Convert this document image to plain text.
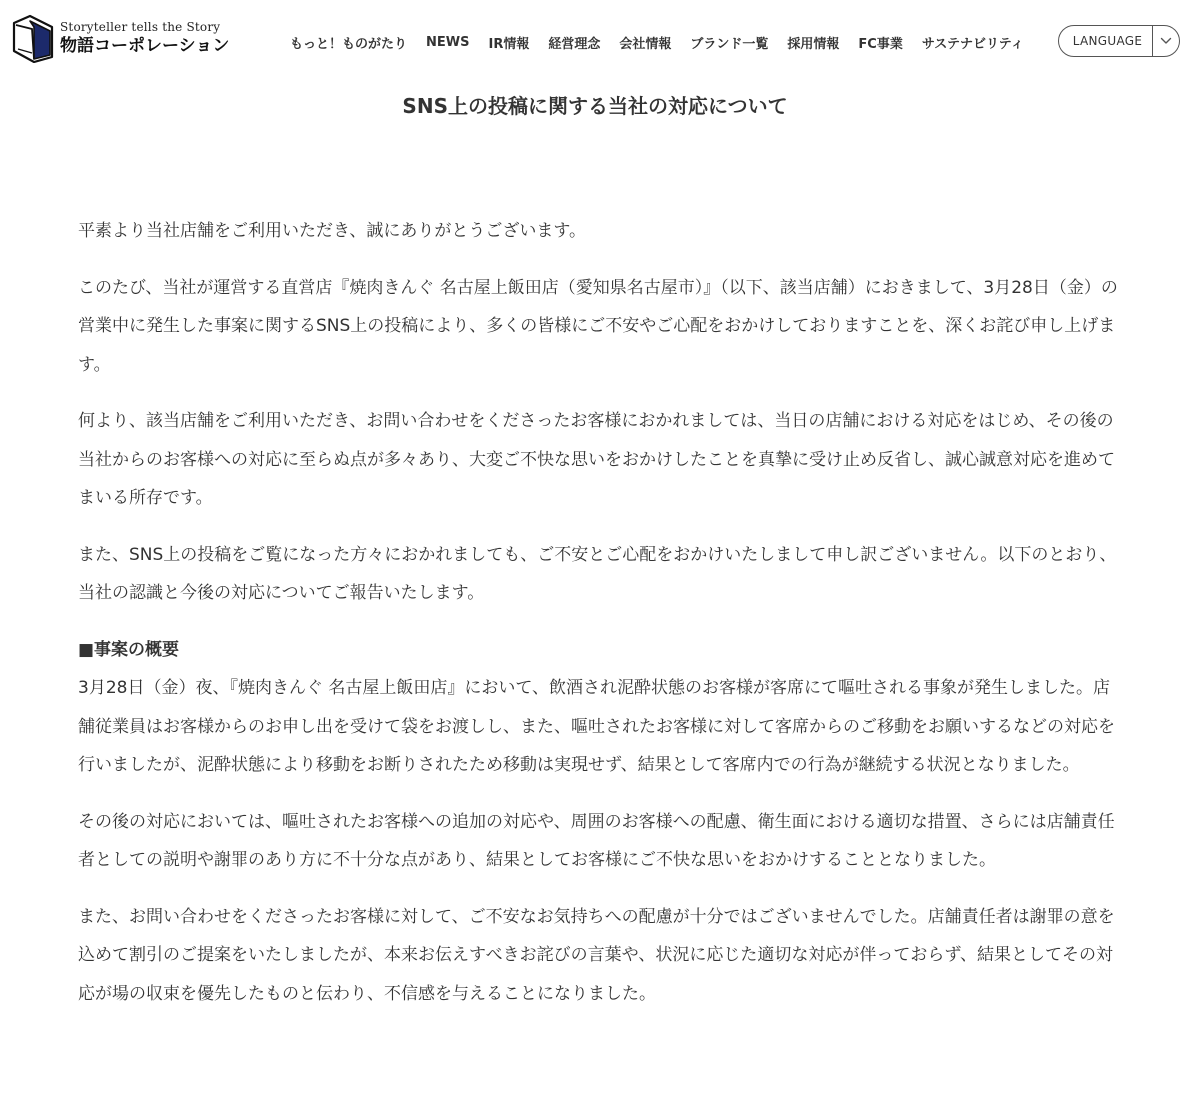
Storyteller tells the Story
物語コーポレーション	もっと！ものがたり NEWS IR情報 経営理念 会社情報 ブランド一覧 採用情報 FC事業 サステナビリティ	LANGUAGE
SNS上の投稿に関する当社の対応について

平素より当社店舗をご利用いただき、誠にありがとうございます。

このたび、当社が運営する直営店『焼肉きんぐ 名古屋上飯田店（愛知県名古屋市）』（以下、該当店舗）におきまして、3月28日（金）の営業中に発生した事案に関するSNS上の投稿により、多くの皆様にご不安やご心配をおかけしておりますことを、深くお詫び申し上げます。

何より、該当店舗をご利用いただき、お問い合わせをくださったお客様におかれましては、当日の店舗における対応をはじめ、その後の当社からのお客様への対応に至らぬ点が多々あり、大変ご不快な思いをおかけしたことを真摯に受け止め反省し、誠心誠意対応を進めてまいる所存です。

また、SNS上の投稿をご覧になった方々におかれましても、ご不安とご心配をおかけいたしまして申し訳ございません。以下のとおり、当社の認識と今後の対応についてご報告いたします。

■事案の概要

3月28日（金）夜、『焼肉きんぐ 名古屋上飯田店』において、飲酒され泥酔状態のお客様が客席にて嘔吐される事象が発生しました。店舗従業員はお客様からのお申し出を受けて袋をお渡しし、また、嘔吐されたお客様に対して客席からのご移動をお願いするなどの対応を行いましたが、泥酔状態により移動をお断りされたため移動は実現せず、結果として客席内での行為が継続する状況となりました。

その後の対応においては、嘔吐されたお客様への追加の対応や、周囲のお客様への配慮、衛生面における適切な措置、さらには店舗責任者としての説明や謝罪のあり方に不十分な点があり、結果としてお客様にご不快な思いをおかけすることとなりました。

また、お問い合わせをくださったお客様に対して、ご不安なお気持ちへの配慮が十分ではございませんでした。店舗責任者は謝罪の意を込めて割引のご提案をいたしましたが、本来お伝えすべきお詫びの言葉や、状況に応じた適切な対応が伴っておらず、結果としてその対応が場の収束を優先したものと伝わり、不信感を与えることになりました。
